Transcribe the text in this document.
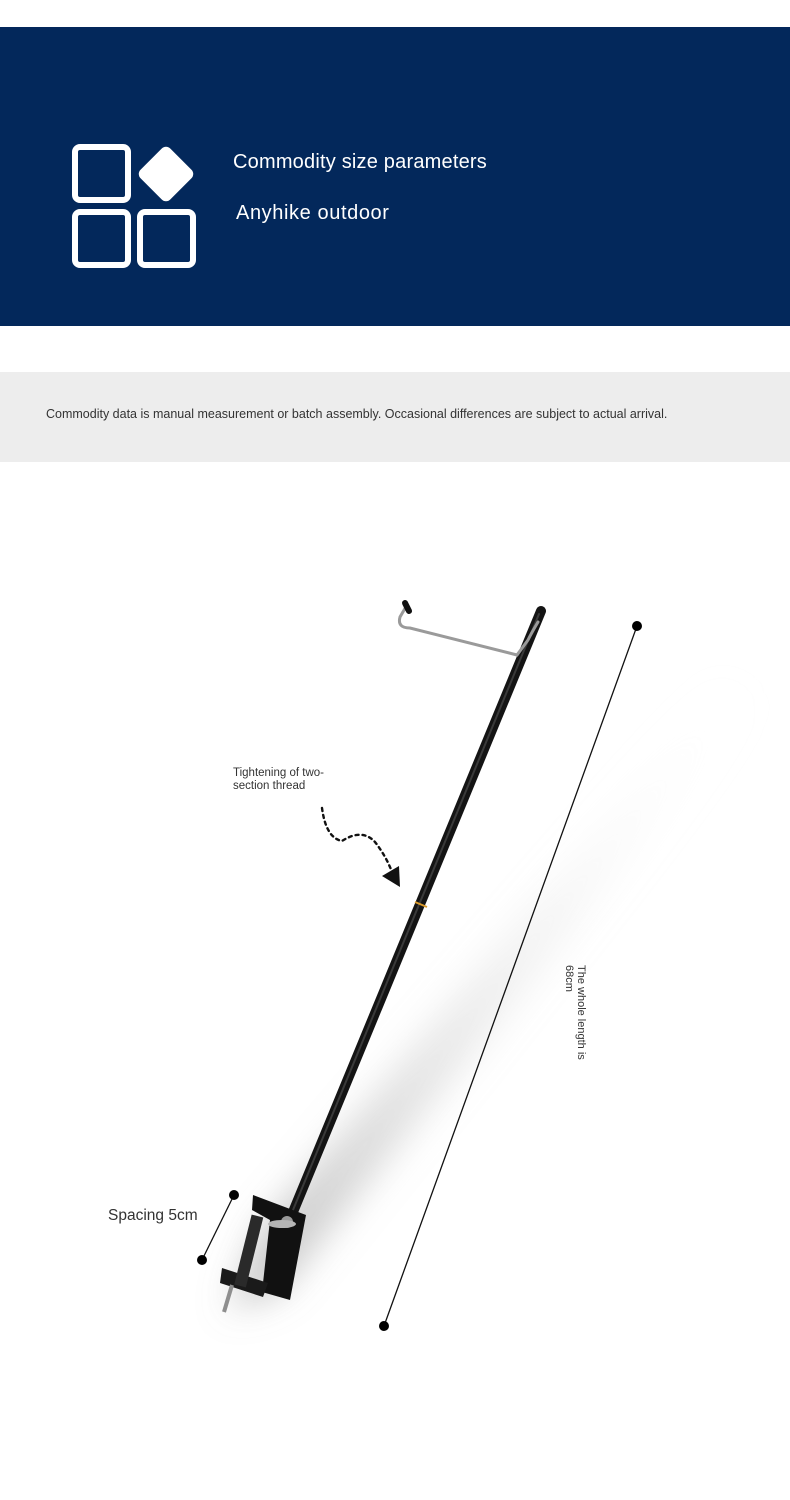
Commodity size parameters
Anyhike outdoor
Commodity data is manual measurement or batch assembly. Occasional differences are subject to actual arrival.
Tightening of two-section thread
The whole length is 68cm
Spacing 5cm
